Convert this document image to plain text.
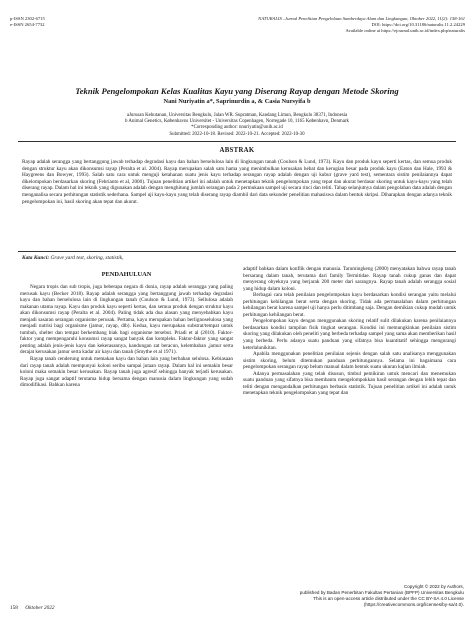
p-ISSN 2302-6715
e-ISSN 2654-7732
NATURALIS –Jurnal Penelitian Pengelolaan Sumberdaya Alam dan Lingkungan, Oktober 2022, 11(2): 158-161
DOI: https://doi.org/10.31186/naturalis.11.2.24229
Available online at https://ejournal.unib.ac.id/index.php/naturalis
Teknik Pengelompokan Kelas Kualitas Kayu yang Diserang Rayap dengan Metode Skoring
Nani Nuriyatin a*, Saprinurdin a, & Casia Nursyifa b

aJurusan Kehutanan, Universitas Bengkulu, Jalan WR. Supratman, Kandang Limun, Bengkulu 38371, Indonesia

b Animal Genetics, Københavns Universitet - Universitas Copenhagen, Norregade 10, 1165 København, Denmark

*Corresponding author: nnuriyatin@unib.ac.id

Submitted: 2022-10-18. Revised: 2022-10-21. Accepted: 2022-10-30

ABSTRAK

Rayap adalah serangga yang bertanggung jawab terhadap degradasi kayu dan bahan berselulosa lain di lingkungan tanah (Coulson & Lund, 1973). Kayu dan produk kayu seperti kertas, dan semua produk dengan struktur kayu akan dikonsumsi rayap (Peralta et al. 2004). Rayap merupakan salah satu hama yang menimbulkan kerusakan hebat dan kerugian besar pada produk kayu (Eaton dan Hale, 1993 & Haygreens dan Bowyer, 1993). Salah satu cara untuk menguji ketahanan suatu jenis kayu terhadap serangan rayap adalah dengan uji kubur (grave yard test), sementara sistim penilaiannya dapat dikelompokan berdasarkan skoring (Febrianto et al, 2000). Tujuan penelitian artikel ini adalah untuk menetapkan teknik pengelompokan yang tepat dan akurat berdasar skoring untuk kayu-kayu yang telah diserang rayap. Dalam hal ini teknik yang digunakan adalah dengan menghitung jumlah serangan pada 2 permukaan sampel uji secara rinci dan teliti. Tahap selanjutnya dalam pengolahan data adalah dengan menganalisa secara perhitungan statistik sederhana. Sampel uji kayu-kayu yang telah diserang rayap diambil dari data sekunder penelitian mahasiswa dalam bentuk skripsi. Diharapkan dengan adanya teknik pengelompokan ini, hasil skoring akan tepat dan akurat.

Kata Kunci: Grave yard test, skoring, statistik,
PENDAHULUAN

Negara tropis dan sub tropis, juga beberapa negara di dunia, rayap adalah serangga yang paling merusak kayu (Becker 2018). Rayap adalah serangga yang bertanggung jawab terhadap degradasi kayu dan bahan berselulosa lain di lingkungan tanah (Coulson & Lund, 1973). Sellulosa adalah makanan utama rayap. Kayu dan produk kayu seperti kertas, dan semua produk dengan struktur kayu akan dikonsumsi rayap (Peralta et al. 2004). Paling tidak ada dua alasan yang menyebabkan kayu menjadi sasaran serangan organisme perusak. Pertama, kayu merupakan bahan berlignoselulosa yang menjadi nutrisi bagi organisme (jamur, rayap, dlb). Kedua, kayu merupakan substrat/tempat untuk tumbuh, shelter dan tempat berkembang biak bagi organisme tersebut. Priadi et al (2010). Faktor-faktor yang mempengaruhi konsumsi rayap sangat banyak dan kompleks. Faktor-faktor yang sangat penting adalah jenis-jenis kayu dan kekerasannya, kandungan zat beracun, kelembaban ,jamur serta derajat kerusakan jamur serta kadar air kayu dan tanah (Smythe et al 1971).

Rayap tanah cenderung untuk memakan kayu dan bahan lain yang berbahan selulosa. Kebiasaan dari rayap tanah adalah mempunyai koloni seribu sampai jutaan rayap. Dalam hal ini semakin besar koloni maka semakin besar kerusakan. Rayap tanah juga agresif sehingga banyak terjadi kerusakan. Rayap juga sangat adaptif terutama hidup bersama dengan manusia dalam lingkungan yang sudah dimodifikasi. Bahkan karena

adaptif bahkan dalam konflik dengan manusia. Tarumingkeng (2000) menyatakan bahwa rayap tanah bersarang dalam tanah, terutama dari family Termitidae. Rayap tanah cukup ganas dan dapat menyerang obyeknya yang berjarak 200 meter dari sarangnya. Rayap tanah adalah serangga sosial yang hidup dalam koloni.

Berbagai cara telah penilaian pengelompokan kayu berdasarkan kondisi serangan yaitu melalui perhitungan kehilangan berat serta dengan skoring. Tidak ada permasalahan dalam perhitungan kehilangan berat karena sampel uji hanya perlu ditimbang saja. Dengan demikian cukup mudah untuk perhitungan kehilangan berat.

Pengelompokan kayu dengan menggunakan skoring relatif sulit dilakukan karena penilaiannya berdasarkan kondisi tampilan fisik tingkat serangan. Kondisi ini memungkinkan penilaian sistim skoring yang dilakukan oleh peneliti yang berbeda terhadap sampel yang sama akan memberikan hasil yang berbeda. Perlu adanya suatu panduan yang sifatnya bisa kuantitatif sehingga mengurangi keterlalunikitan.

Apabila menggunakan penelitian penilaian sejenis dengan salah satu analisanya menggunakan sistim skoring, belum ditemukan panduan perhitungannya. Selama ini bagaimana cara pengelompokan serangan rayap belum manual dalam bentuk suatu ukuran kajian ilmiah.

Adanya permasalahan yang telah disusun, timbul pemikiran untuk mencari dan menemukan suatu panduan yang sifatnya bisa membantu mengelompokkan hasil serangan dengan lebih tepat dan teliti dengan mengandalkan perhitungan berbasis statistik. Tujuan penelitian artikel ini adalah untuk menetapkan teknik pengelompokan yang tepat dan

Copyright © 2022 by Authors,
published by Badan Penerbitan Fakultas Pertanian (BPFP) Universitas Bengkulu
This is an open-access article distributed under the CC BY-SA 4.0 License
(https://creativecommons.org/licenses/by-sa/4.0).
158 Oktober 2022
